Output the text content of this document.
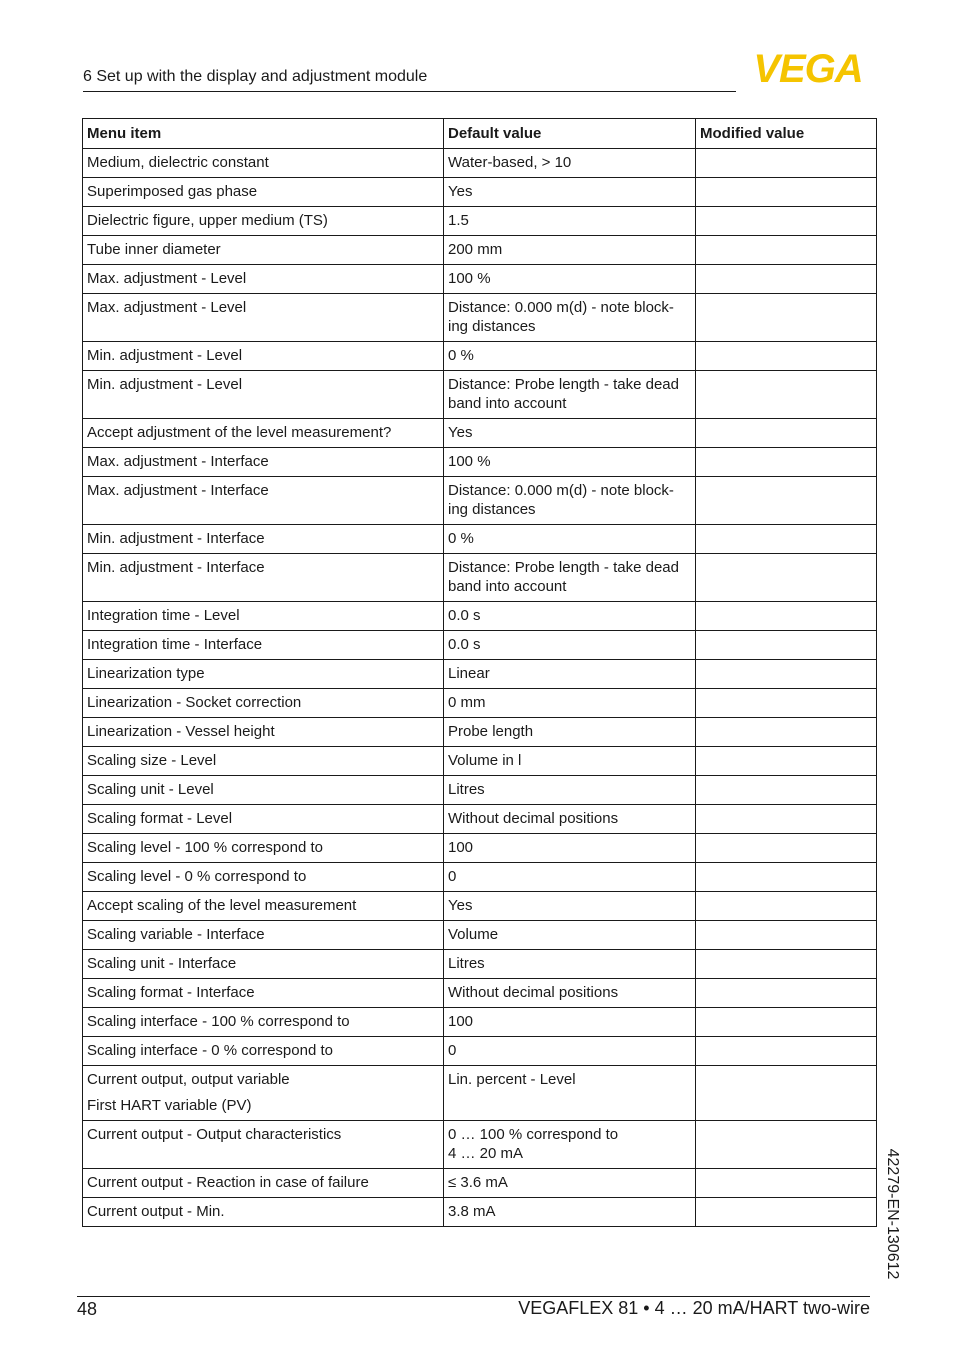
6 Set up with the display and adjustment module	VEGA
Menu item	Default value	Modified value
Medium, dielectric constant	Water-based, > 10	
Superimposed gas phase	Yes	
Dielectric figure, upper medium (TS)	1.5	
Tube inner diameter	200 mm	
Max. adjustment - Level	100 %	
Max. adjustment - Level	Distance: 0.000 m(d) - note block-
ing distances	
Min. adjustment - Level	0 %	
Min. adjustment - Level	Distance: Probe length - take dead
band into account	
Accept adjustment of the level measurement?	Yes	
Max. adjustment - Interface	100 %	
Max. adjustment - Interface	Distance: 0.000 m(d) - note block-
ing distances	
Min. adjustment - Interface	0 %	
Min. adjustment - Interface	Distance: Probe length - take dead
band into account	
Integration time - Level	0.0 s	
Integration time - Interface	0.0 s	
Linearization type	Linear	
Linearization - Socket correction	0 mm	
Linearization - Vessel height	Probe length	
Scaling size - Level	Volume in l	
Scaling unit - Level	Litres	
Scaling format - Level	Without decimal positions	
Scaling level - 100 % correspond to	100	
Scaling level - 0 % correspond to	0	
Accept scaling of the level measurement	Yes	
Scaling variable - Interface	Volume	
Scaling unit - Interface	Litres	
Scaling format - Interface	Without decimal positions	
Scaling interface - 100 % correspond to	100	
Scaling interface - 0 % correspond to	0	
Current output, output variable
First HART variable (PV)	Lin. percent - Level	
Current output - Output characteristics	0 … 100 % correspond to
4 … 20 mA	
Current output - Reaction in case of failure	≤ 3.6 mA	
Current output - Min.	3.8 mA		42279-EN-130612
48	VEGAFLEX 81 • 4 … 20 mA/HART two-wire
